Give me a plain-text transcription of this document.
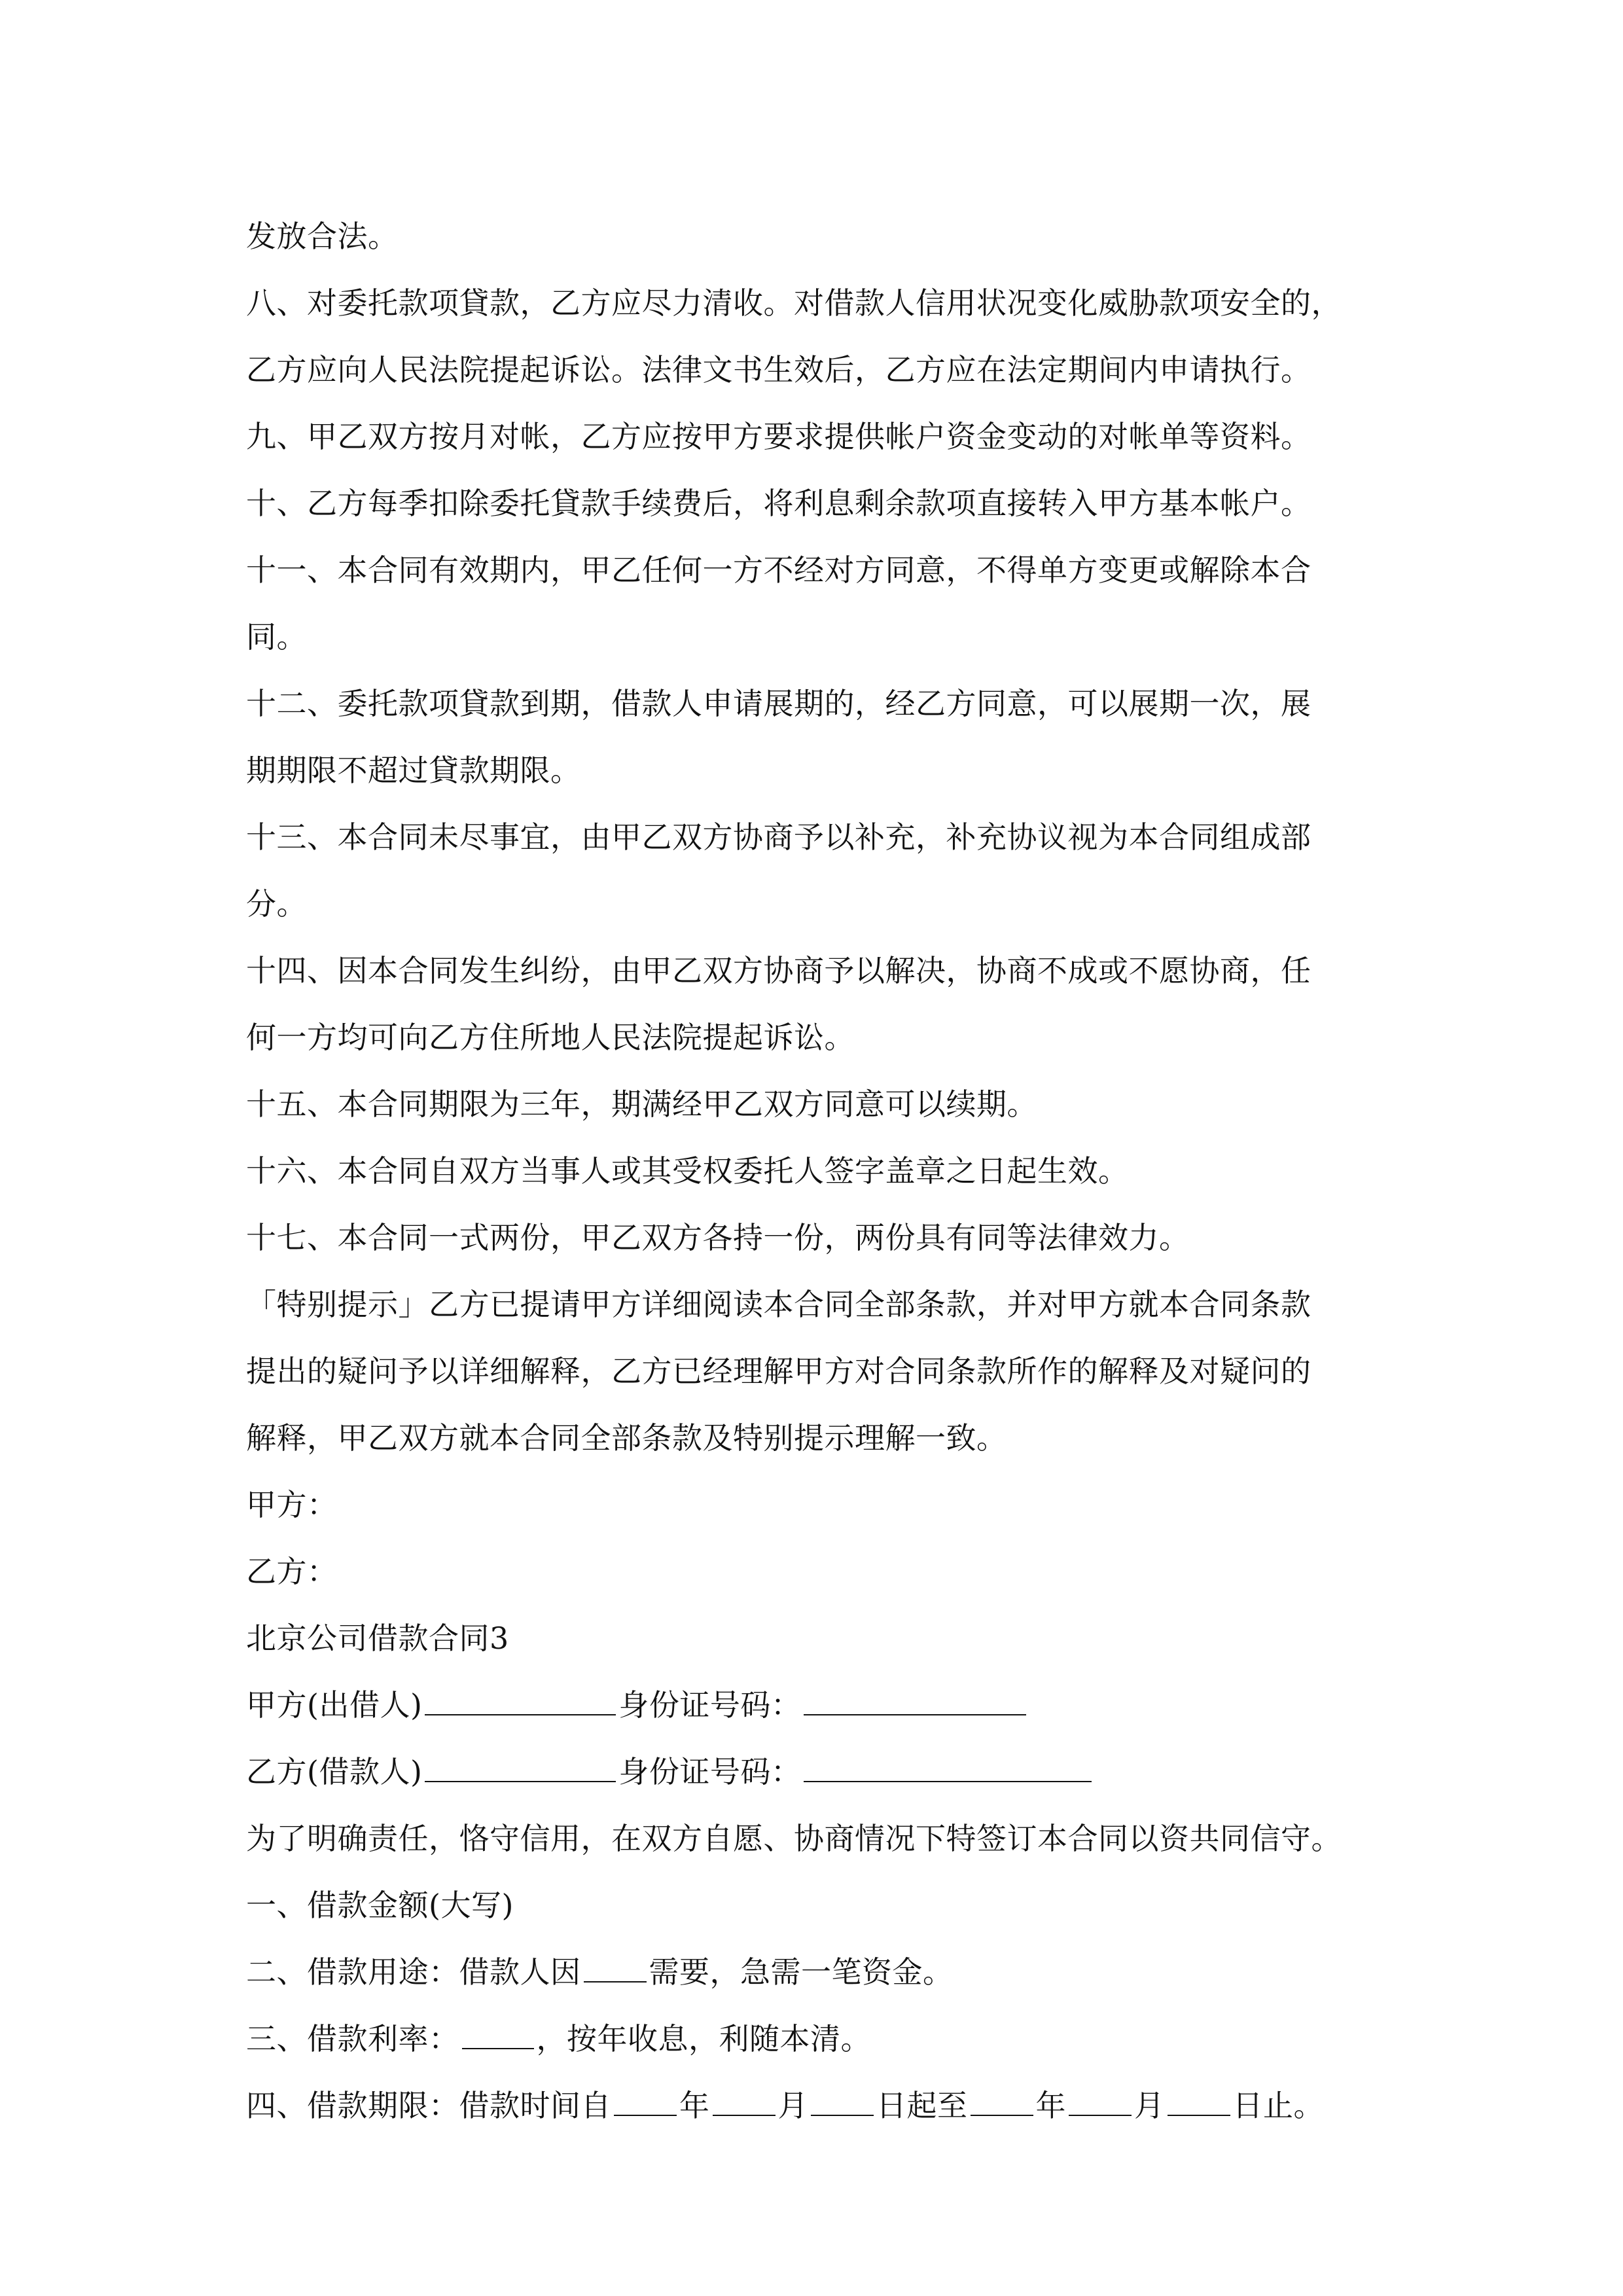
发放合法。
八、对委托款项貸款，乙方应尽力清收。对借款人信用状况变化威胁款项安全的，
乙方应向人民法院提起诉讼。法律文书生效后，乙方应在法定期间内申请执行。
九、甲乙双方按月对帐，乙方应按甲方要求提供帐户资金变动的对帐单等资料。
十、乙方每季扣除委托貸款手续费后，将利息剩余款项直接转入甲方基本帐户。
十一、本合同有效期内，甲乙任何一方不经对方同意，不得单方变更或解除本合
同。
十二、委托款项貸款到期，借款人申请展期的，经乙方同意，可以展期一次，展
期期限不超过貸款期限。
十三、本合同未尽事宜，由甲乙双方协商予以补充，补充协议视为本合同组成部
分。
十四、因本合同发生纠纷，由甲乙双方协商予以解决，协商不成或不愿协商，任
何一方均可向乙方住所地人民法院提起诉讼。
十五、本合同期限为三年，期满经甲乙双方同意可以续期。
十六、本合同自双方当事人或其受权委托人签字盖章之日起生效。
十七、本合同一式两份，甲乙双方各持一份，两份具有同等法律效力。
「特别提示」乙方已提请甲方详细阅读本合同全部条款，并对甲方就本合同条款
提出的疑问予以详细解释，乙方已经理解甲方对合同条款所作的解释及对疑问的
解释，甲乙双方就本合同全部条款及特别提示理解一致。
甲方：
乙方：
北京公司借款合同3
甲方(出借人)	身份证号码：
乙方(借款人)	身份证号码：
为了明确责任，恪守信用，在双方自愿、协商情况下特签订本合同以资共同信守。
一、借款金额(大写)
二、借款用途：借款人因 需要，急需一笔资金。
三、借款利率：	，按年收息，利随本清。
四、借款期限：借款时间自 年 月 日起至 年 月 日止。
